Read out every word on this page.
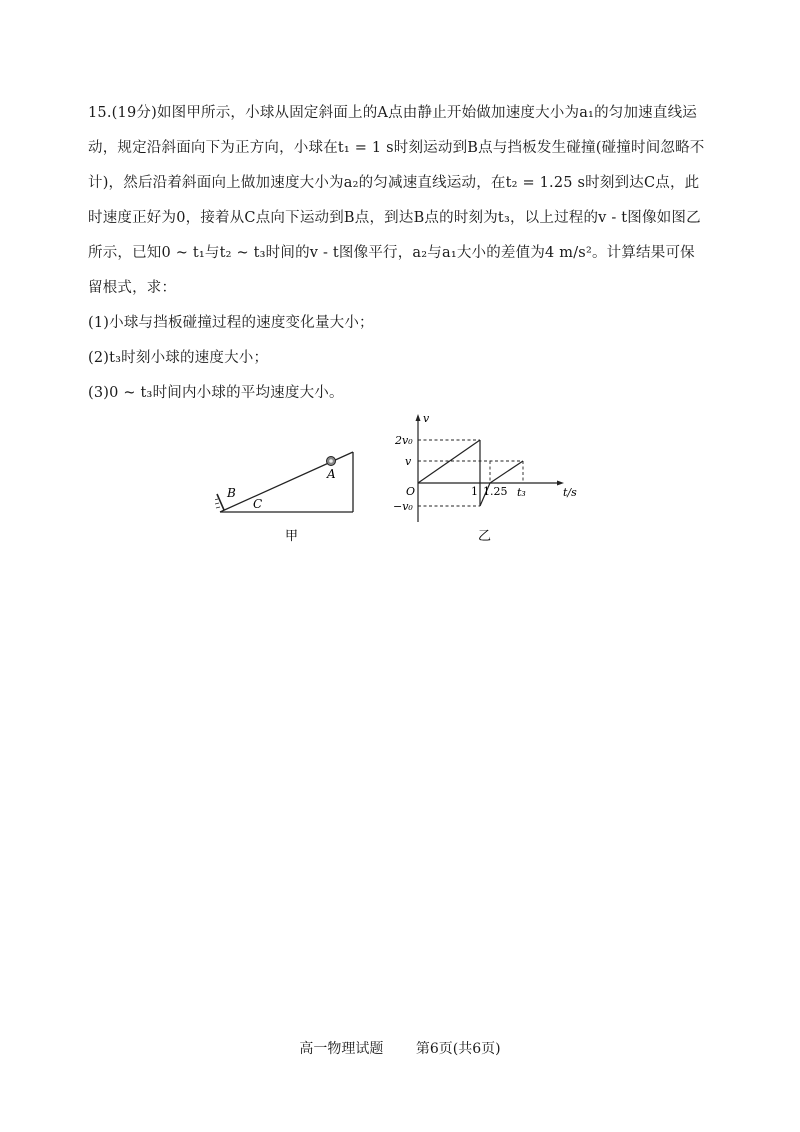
15.(19分)如图甲所示，小球从固定斜面上的A点由静止开始做加速度大小为a₁的匀加速直线运动，规定沿斜面向下为正方向，小球在t₁ = 1 s时刻运动到B点与挡板发生碰撞(碰撞时间忽略不计)，然后沿着斜面向上做加速度大小为a₂的匀减速直线运动，在t₂ = 1.25 s时刻到达C点，此时速度正好为0，接着从C点向下运动到B点，到达B点的时刻为t₃，以上过程的v - t图像如图乙所示，已知0 ~ t₁与t₂ ~ t₃时间的v - t图像平行，a₂与a₁大小的差值为4 m/s²。计算结果可保留根式，求：

(1)小球与挡板碰撞过程的速度变化量大小；

(2)t₃时刻小球的速度大小；

(3)0 ~ t₃时间内小球的平均速度大小。

A
B
C
甲
v
t/s
O
2v₀
v
−v₀
1 1.25 t₃
乙
高一物理试题 第6页(共6页)
